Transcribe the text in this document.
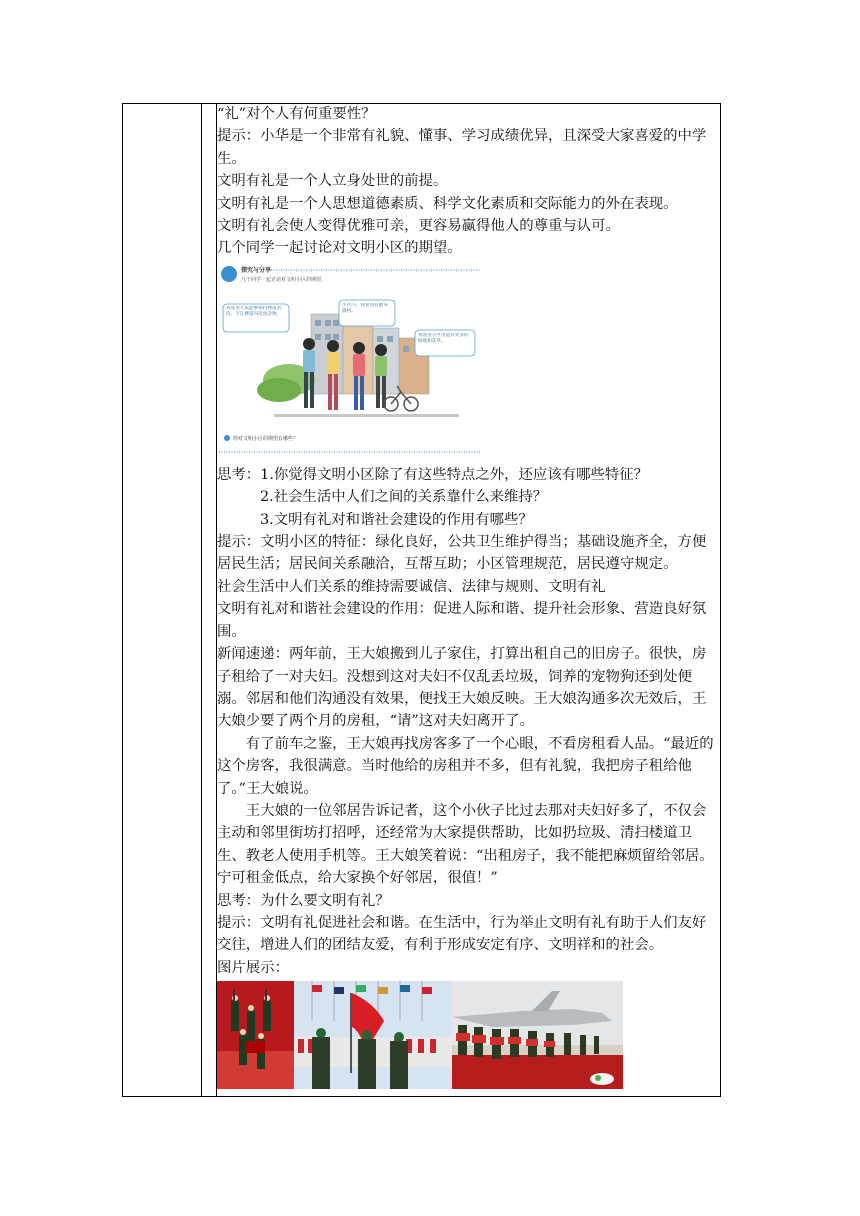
“礼”对个人有何重要性？

提示：小华是一个非常有礼貌、懂事、学习成绩优异，且深受大家喜爱的中学生。

文明有礼是一个人立身处世的前提。

文明有礼是一个人思想道德素质、科学文化素质和交际能力的外在表现。

文明有礼会使人变得优雅可亲，更容易赢得他人的尊重与认可。

几个同学一起讨论对文明小区的期望。

探究与分享
几个同学一起讨论对文明小区的期望。
我希望大家能够保持楼道清洁，不在楼道内乱放杂物。
小区内，我希望有健身器材。
我希望小区里能有更多的绿地和花草。
你对文明小区的期望有哪些？

思考：1.你觉得文明小区除了有这些特点之外，还应该有哪些特征？

2.社会生活中人们之间的关系靠什么来维持？

3.文明有礼对和谐社会建设的作用有哪些？

提示：文明小区的特征：绿化良好，公共卫生维护得当；基础设施齐全，方便居民生活；居民间关系融洽，互帮互助；小区管理规范，居民遵守规定。

社会生活中人们关系的维持需要诚信、法律与规则、文明有礼

文明有礼对和谐社会建设的作用：促进人际和谐、提升社会形象、营造良好氛围。

新闻速递：两年前，王大娘搬到儿子家住，打算出租自己的旧房子。很快，房子租给了一对夫妇。没想到这对夫妇不仅乱丢垃圾，饲养的宠物狗还到处便溺。邻居和他们沟通没有效果，便找王大娘反映。王大娘沟通多次无效后，王大娘少要了两个月的房租，“请”这对夫妇离开了。

有了前车之鉴，王大娘再找房客多了一个心眼，不看房租看人品。“最近的这个房客，我很满意。当时他给的房租并不多，但有礼貌，我把房子租给他了。”王大娘说。

王大娘的一位邻居告诉记者，这个小伙子比过去那对夫妇好多了，不仅会主动和邻里街坊打招呼，还经常为大家提供帮助，比如扔垃圾、清扫楼道卫生、教老人使用手机等。王大娘笑着说：“出租房子，我不能把麻烦留给邻居。宁可租金低点，给大家换个好邻居，很值！”

思考：为什么要文明有礼？

提示：文明有礼促进社会和谐。在生活中，行为举止文明有礼有助于人们友好交往，增进人们的团结友爱，有利于形成安定有序、文明祥和的社会。

图片展示：
